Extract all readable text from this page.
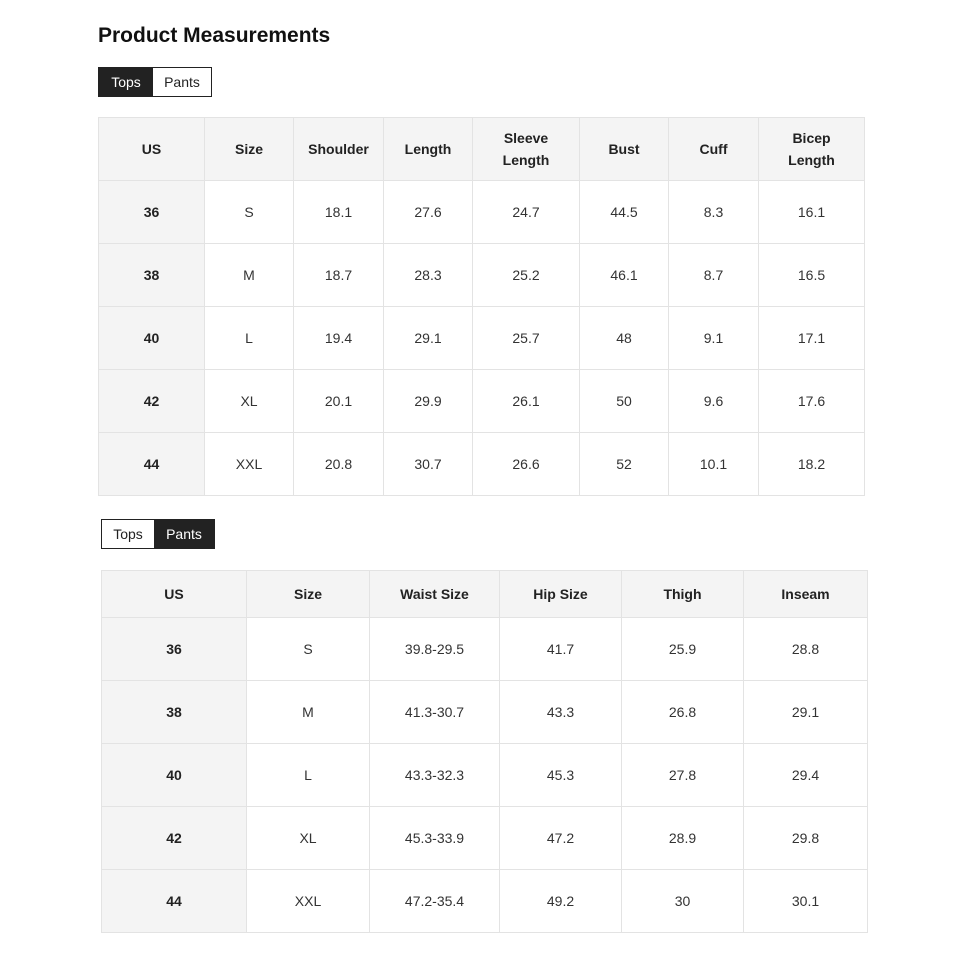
Product Measurements
Tops	Pants
US	Size	Shoulder	Length	Sleeve Length	Bust	Cuff	Bicep Length
36	S	18.1	27.6	24.7	44.5	8.3	16.1
38	M	18.7	28.3	25.2	46.1	8.7	16.5
40	L	19.4	29.1	25.7	48	9.1	17.1
42	XL	20.1	29.9	26.1	50	9.6	17.6
44	XXL	20.8	30.7	26.6	52	10.1	18.2
Tops	Pants
US	Size	Waist Size	Hip Size	Thigh	Inseam
36	S	39.8-29.5	41.7	25.9	28.8
38	M	41.3-30.7	43.3	26.8	29.1
40	L	43.3-32.3	45.3	27.8	29.4
42	XL	45.3-33.9	47.2	28.9	29.8
44	XXL	47.2-35.4	49.2	30	30.1
